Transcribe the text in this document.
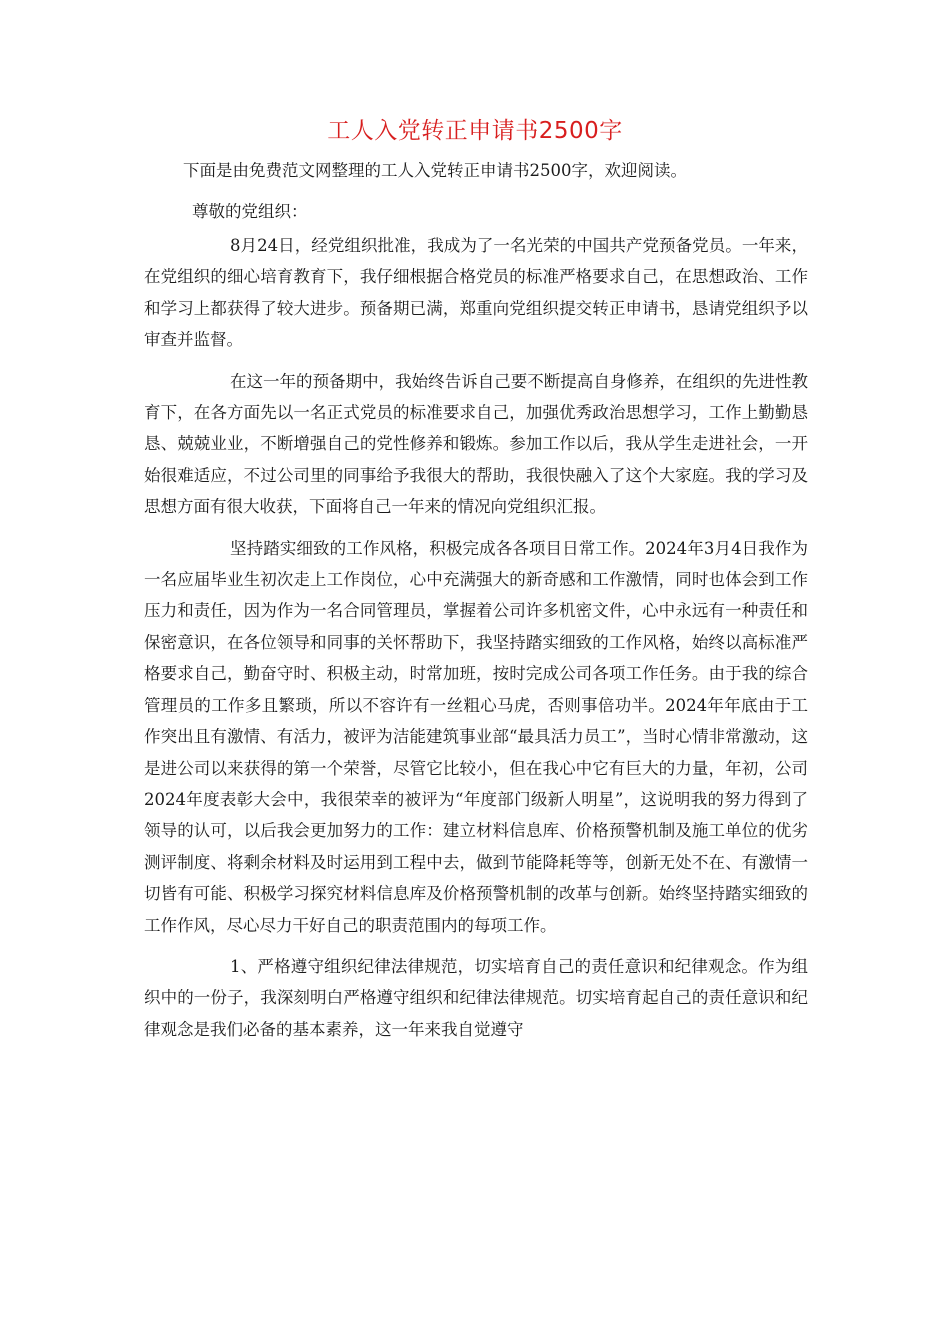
工人入党转正申请书2500字

下面是由免费范文网整理的工人入党转正申请书2500字，欢迎阅读。

尊敬的党组织：

8月24日，经党组织批准，我成为了一名光荣的中国共产党预备党员。一年来，在党组织的细心培育教育下，我仔细根据合格党员的标准严格要求自己，在思想政治、工作和学习上都获得了较大进步。预备期已满，郑重向党组织提交转正申请书，恳请党组织予以审查并监督。

在这一年的预备期中，我始终告诉自己要不断提高自身修养，在组织的先进性教育下，在各方面先以一名正式党员的标准要求自己，加强优秀政治思想学习，工作上勤勤恳恳、兢兢业业，不断增强自己的党性修养和锻炼。参加工作以后，我从学生走进社会，一开始很难适应，不过公司里的同事给予我很大的帮助，我很快融入了这个大家庭。我的学习及思想方面有很大收获，下面将自己一年来的情况向党组织汇报。

坚持踏实细致的工作风格，积极完成各各项目日常工作。2024年3月4日我作为一名应届毕业生初次走上工作岗位，心中充满强大的新奇感和工作激情，同时也体会到工作压力和责任，因为作为一名合同管理员，掌握着公司许多机密文件，心中永远有一种责任和保密意识，在各位领导和同事的关怀帮助下，我坚持踏实细致的工作风格，始终以高标准严格要求自己，勤奋守时、积极主动，时常加班，按时完成公司各项工作任务。由于我的综合管理员的工作多且繁琐，所以不容许有一丝粗心马虎，否则事倍功半。2024年年底由于工作突出且有激情、有活力，被评为洁能建筑事业部“最具活力员工”，当时心情非常激动，这是进公司以来获得的第一个荣誉，尽管它比较小，但在我心中它有巨大的力量，年初，公司2024年度表彰大会中，我很荣幸的被评为“年度部门级新人明星”，这说明我的努力得到了领导的认可，以后我会更加努力的工作：建立材料信息库、价格预警机制及施工单位的优劣测评制度、将剩余材料及时运用到工程中去，做到节能降耗等等，创新无处不在、有激情一切皆有可能、积极学习探究材料信息库及价格预警机制的改革与创新。始终坚持踏实细致的工作作风，尽心尽力干好自己的职责范围内的每项工作。

1、严格遵守组织纪律法律规范，切实培育自己的责任意识和纪律观念。作为组织中的一份子，我深刻明白严格遵守组织和纪律法律规范。切实培育起自己的责任意识和纪律观念是我们必备的基本素养，这一年来我自觉遵守
